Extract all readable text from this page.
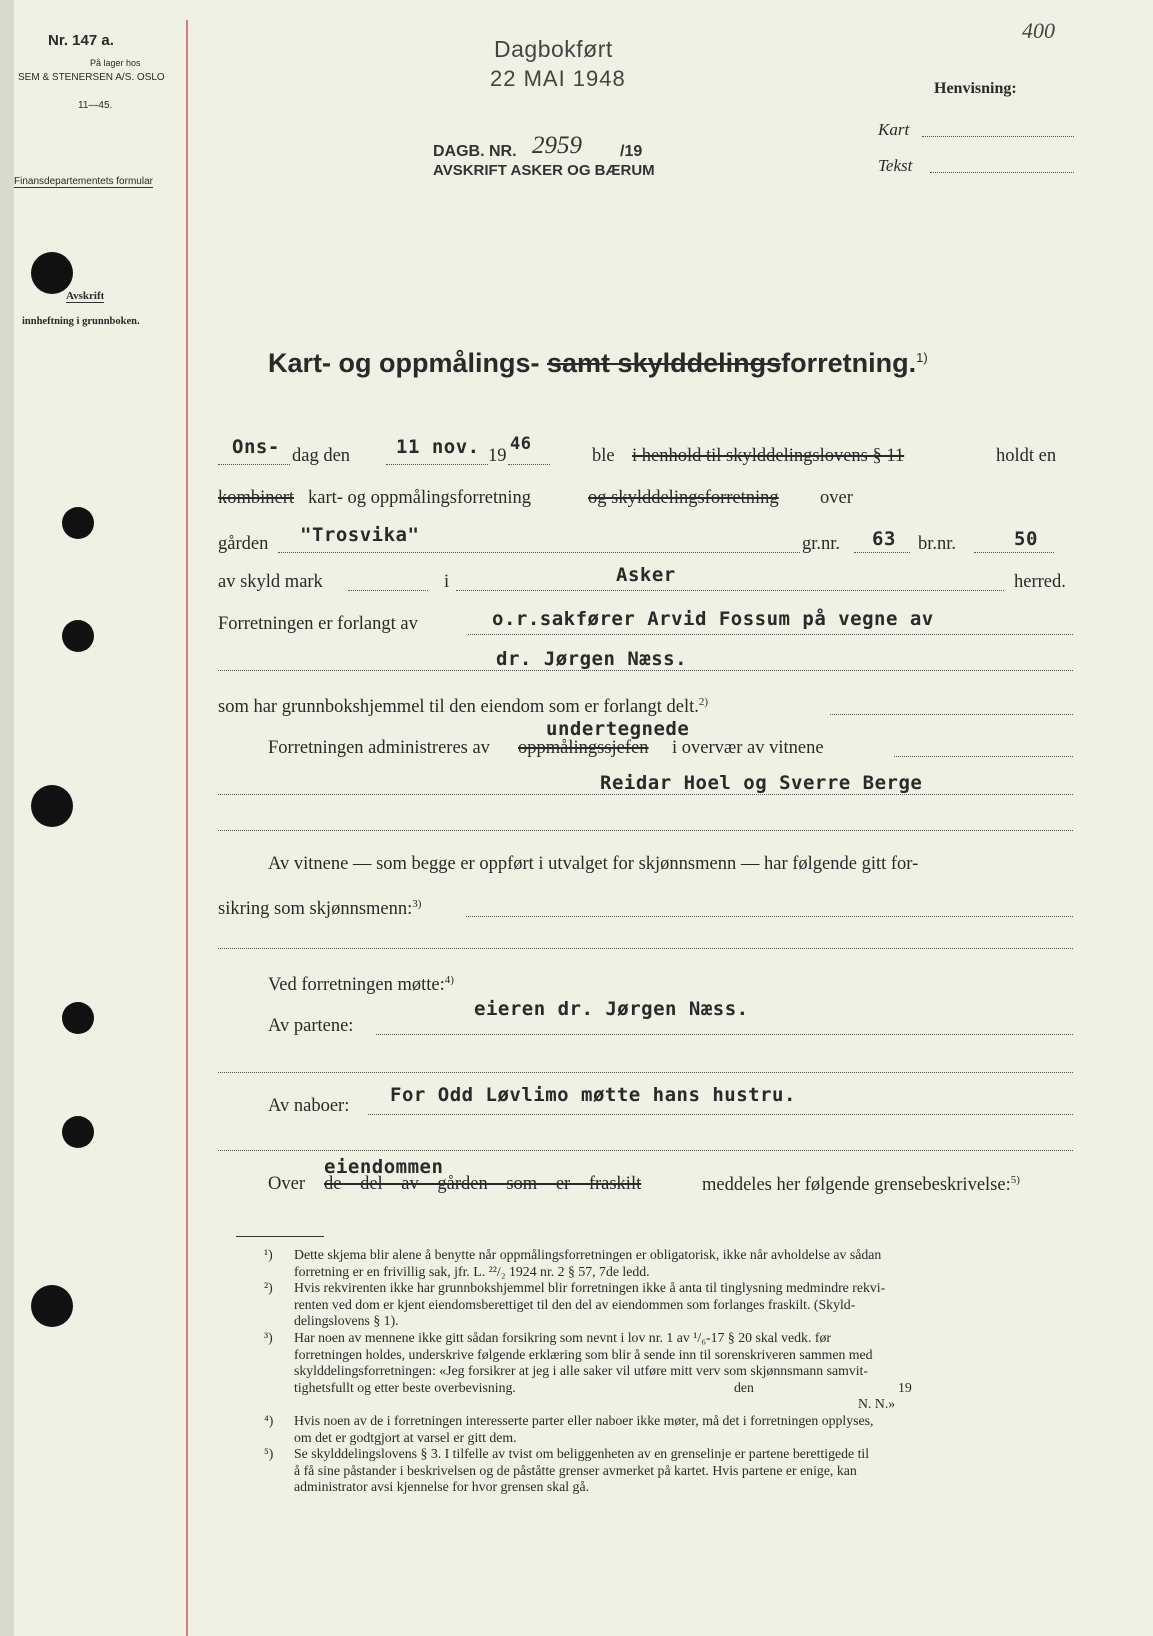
400
Nr. 147 a.
På lager hos
SEM & STENERSEN A/S. OSLO
11—45.
Finansdepartementets formular
Avskrift
innheftning i grunnboken.
Dagbokført
22 MAI 1948
DAGB. NR. 2959 /19
AVSKRIFT ASKER OG BÆRUM
Henvisning:
Kart
Tekst
Kart- og oppmålings- samt skylddelingsforretning.$^{1)}$
Ons- dag den 11 nov. 19
46
ble i henhold til skylddelingslovens § 11	holdt en
kombinert kart- og oppmålingsforretning	og skylddelingsforretning over
gården "Trosvika"	gr.nr. 63 br.nr.	50
av skyld mark	i	Asker	herred.
Forretningen er forlangt av	o.r.sakfører Arvid Fossum på vegne av
dr. Jørgen Næss.
som har grunnbokshjemmel til den eiendom som er forlangt delt.$^{2)}$
Forretningen administreres av
undertegnede
oppmålingssjefen i overvær av vitnene
Reidar Hoel og Sverre Berge
Av vitnene — som begge er oppført i utvalget for skjønnsmenn — har følgende gitt for-
sikring som skjønnsmenn:$^{3)}$
Ved forretningen møtte:$^{4)}$
Av partene:
eieren dr. Jørgen Næss.
Av naboer: For Odd Løvlimo møtte hans hustru.
Over
eiendommen
de del av gården som er fraskilt	meddeles her følgende grensebeskrivelse:$^{5)}$
¹) Dette skjema blir alene å benytte når oppmålingsforretningen er obligatorisk, ikke når avholdelse av sådan
forretning er en frivillig sak, jfr. L. ²²/₂ 1924 nr. 2 § 57, 7de ledd.
²) Hvis rekvirenten ikke har grunnbokshjemmel blir forretningen ikke å anta til tinglysning medmindre rekvi-
renten ved dom er kjent eiendomsberettiget til den del av eiendommen som forlanges fraskilt. (Skyld-
delingslovens § 1).
³) Har noen av mennene ikke gitt sådan forsikring som nevnt i lov nr. 1 av ¹/₆-17 § 20 skal vedk. før
forretningen holdes, underskrive følgende erklæring som blir å sende inn til sorenskriveren sammen med
skylddelingsforretningen: «Jeg forsikrer at jeg i alle saker vil utføre mitt verv som skjønnsmann samvit-
tighetsfullt og etter beste overbevisning.	den	19
N. N.»
⁴) Hvis noen av de i forretningen interesserte parter eller naboer ikke møter, må det i forretningen opplyses,
om det er godtgjort at varsel er gitt dem.
⁵) Se skylddelingslovens § 3. I tilfelle av tvist om beliggenheten av en grenselinje er partene berettigede til
å få sine påstander i beskrivelsen og de påståtte grenser avmerket på kartet. Hvis partene er enige, kan
administrator avsi kjennelse for hvor grensen skal gå.
